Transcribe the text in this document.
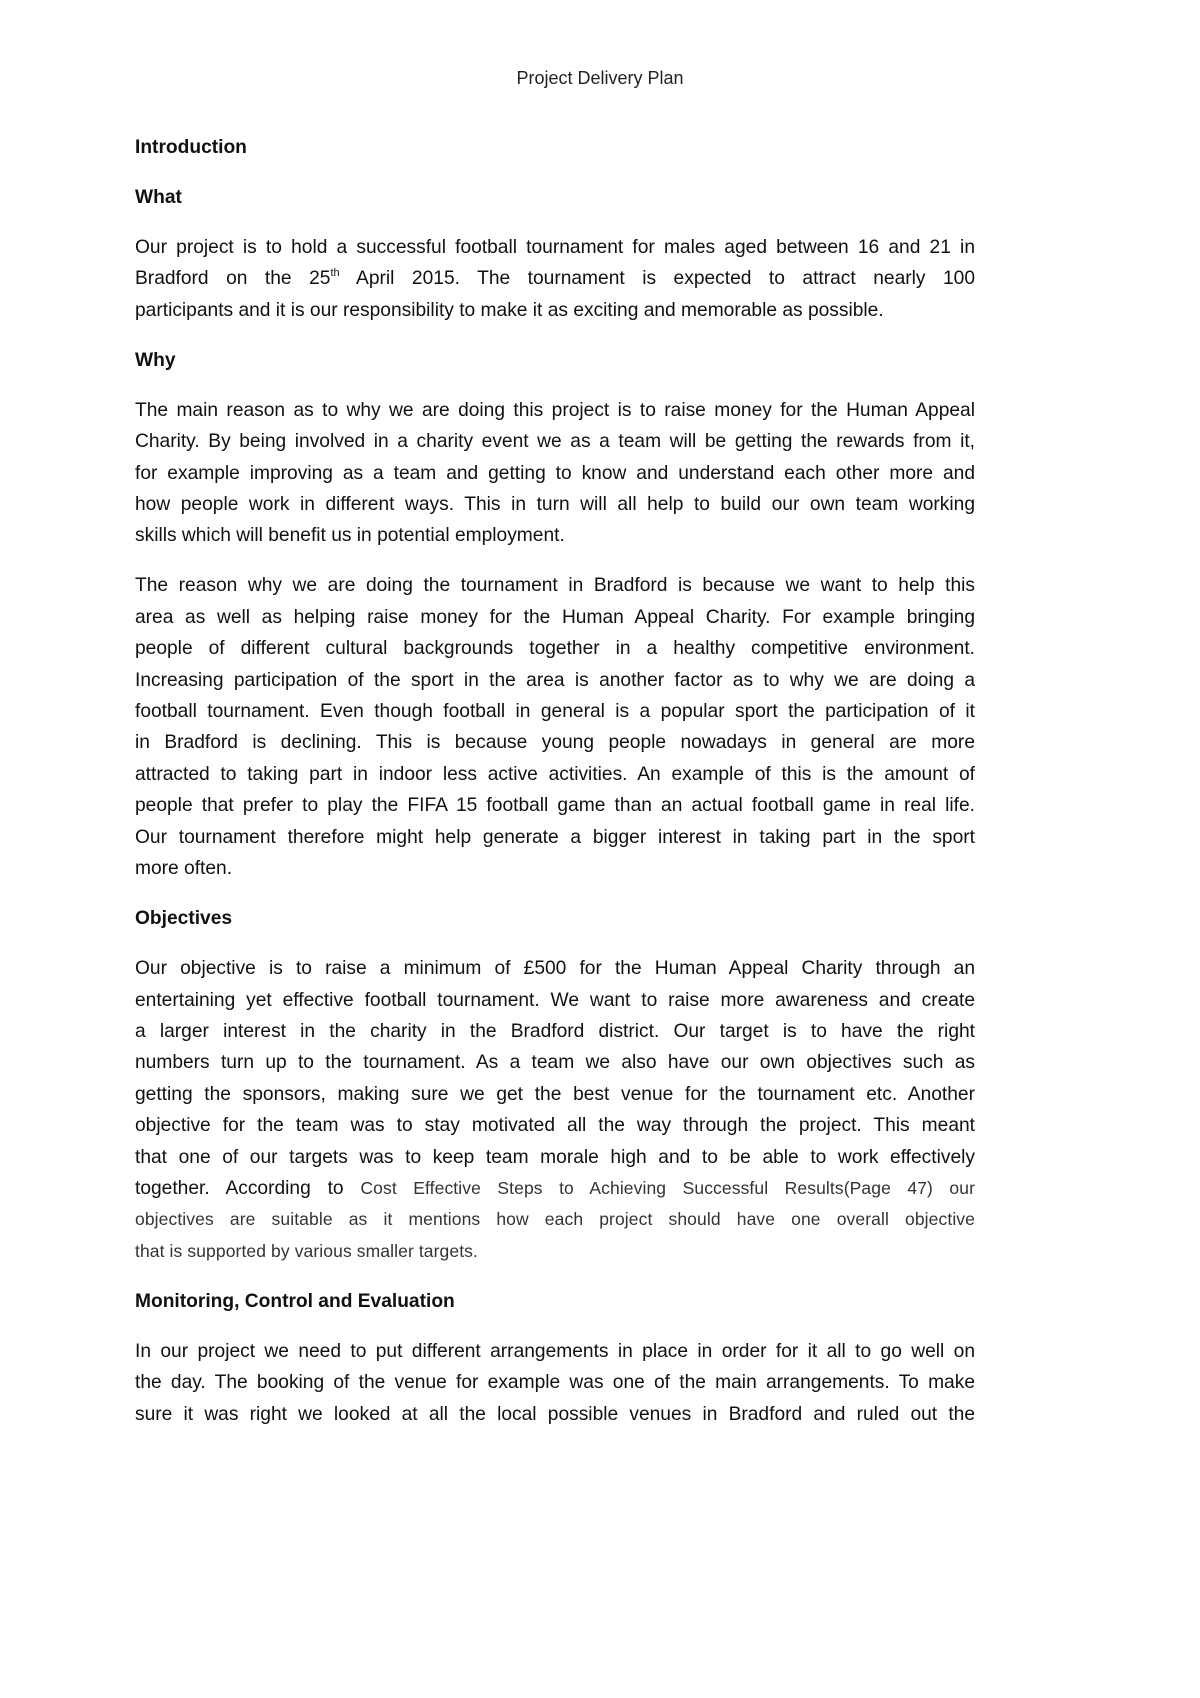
Project Delivery Plan
Introduction
What
Our project is to hold a successful football tournament for males aged between 16 and 21 in
Bradford on the 25th April 2015. The tournament is expected to attract nearly 100
participants and it is our responsibility to make it as exciting and memorable as possible.
Why
The main reason as to why we are doing this project is to raise money for the Human Appeal
Charity. By being involved in a charity event we as a team will be getting the rewards from it,
for example improving as a team and getting to know and understand each other more and
how people work in different ways. This in turn will all help to build our own team working
skills which will benefit us in potential employment.
The reason why we are doing the tournament in Bradford is because we want to help this
area as well as helping raise money for the Human Appeal Charity. For example bringing
people of different cultural backgrounds together in a healthy competitive environment.
Increasing participation of the sport in the area is another factor as to why we are doing a
football tournament. Even though football in general is a popular sport the participation of it
in Bradford is declining. This is because young people nowadays in general are more
attracted to taking part in indoor less active activities. An example of this is the amount of
people that prefer to play the FIFA 15 football game than an actual football game in real life.
Our tournament therefore might help generate a bigger interest in taking part in the sport
more often.
Objectives
Our objective is to raise a minimum of £500 for the Human Appeal Charity through an
entertaining yet effective football tournament. We want to raise more awareness and create
a larger interest in the charity in the Bradford district. Our target is to have the right
numbers turn up to the tournament. As a team we also have our own objectives such as
getting the sponsors, making sure we get the best venue for the tournament etc. Another
objective for the team was to stay motivated all the way through the project. This meant
that one of our targets was to keep team morale high and to be able to work effectively
together. According to Cost Effective Steps to Achieving Successful Results(Page 47) our
objectives are suitable as it mentions how each project should have one overall objective
that is supported by various smaller targets.
Monitoring, Control and Evaluation
In our project we need to put different arrangements in place in order for it all to go well on
the day. The booking of the venue for example was one of the main arrangements. To make
sure it was right we looked at all the local possible venues in Bradford and ruled out the
